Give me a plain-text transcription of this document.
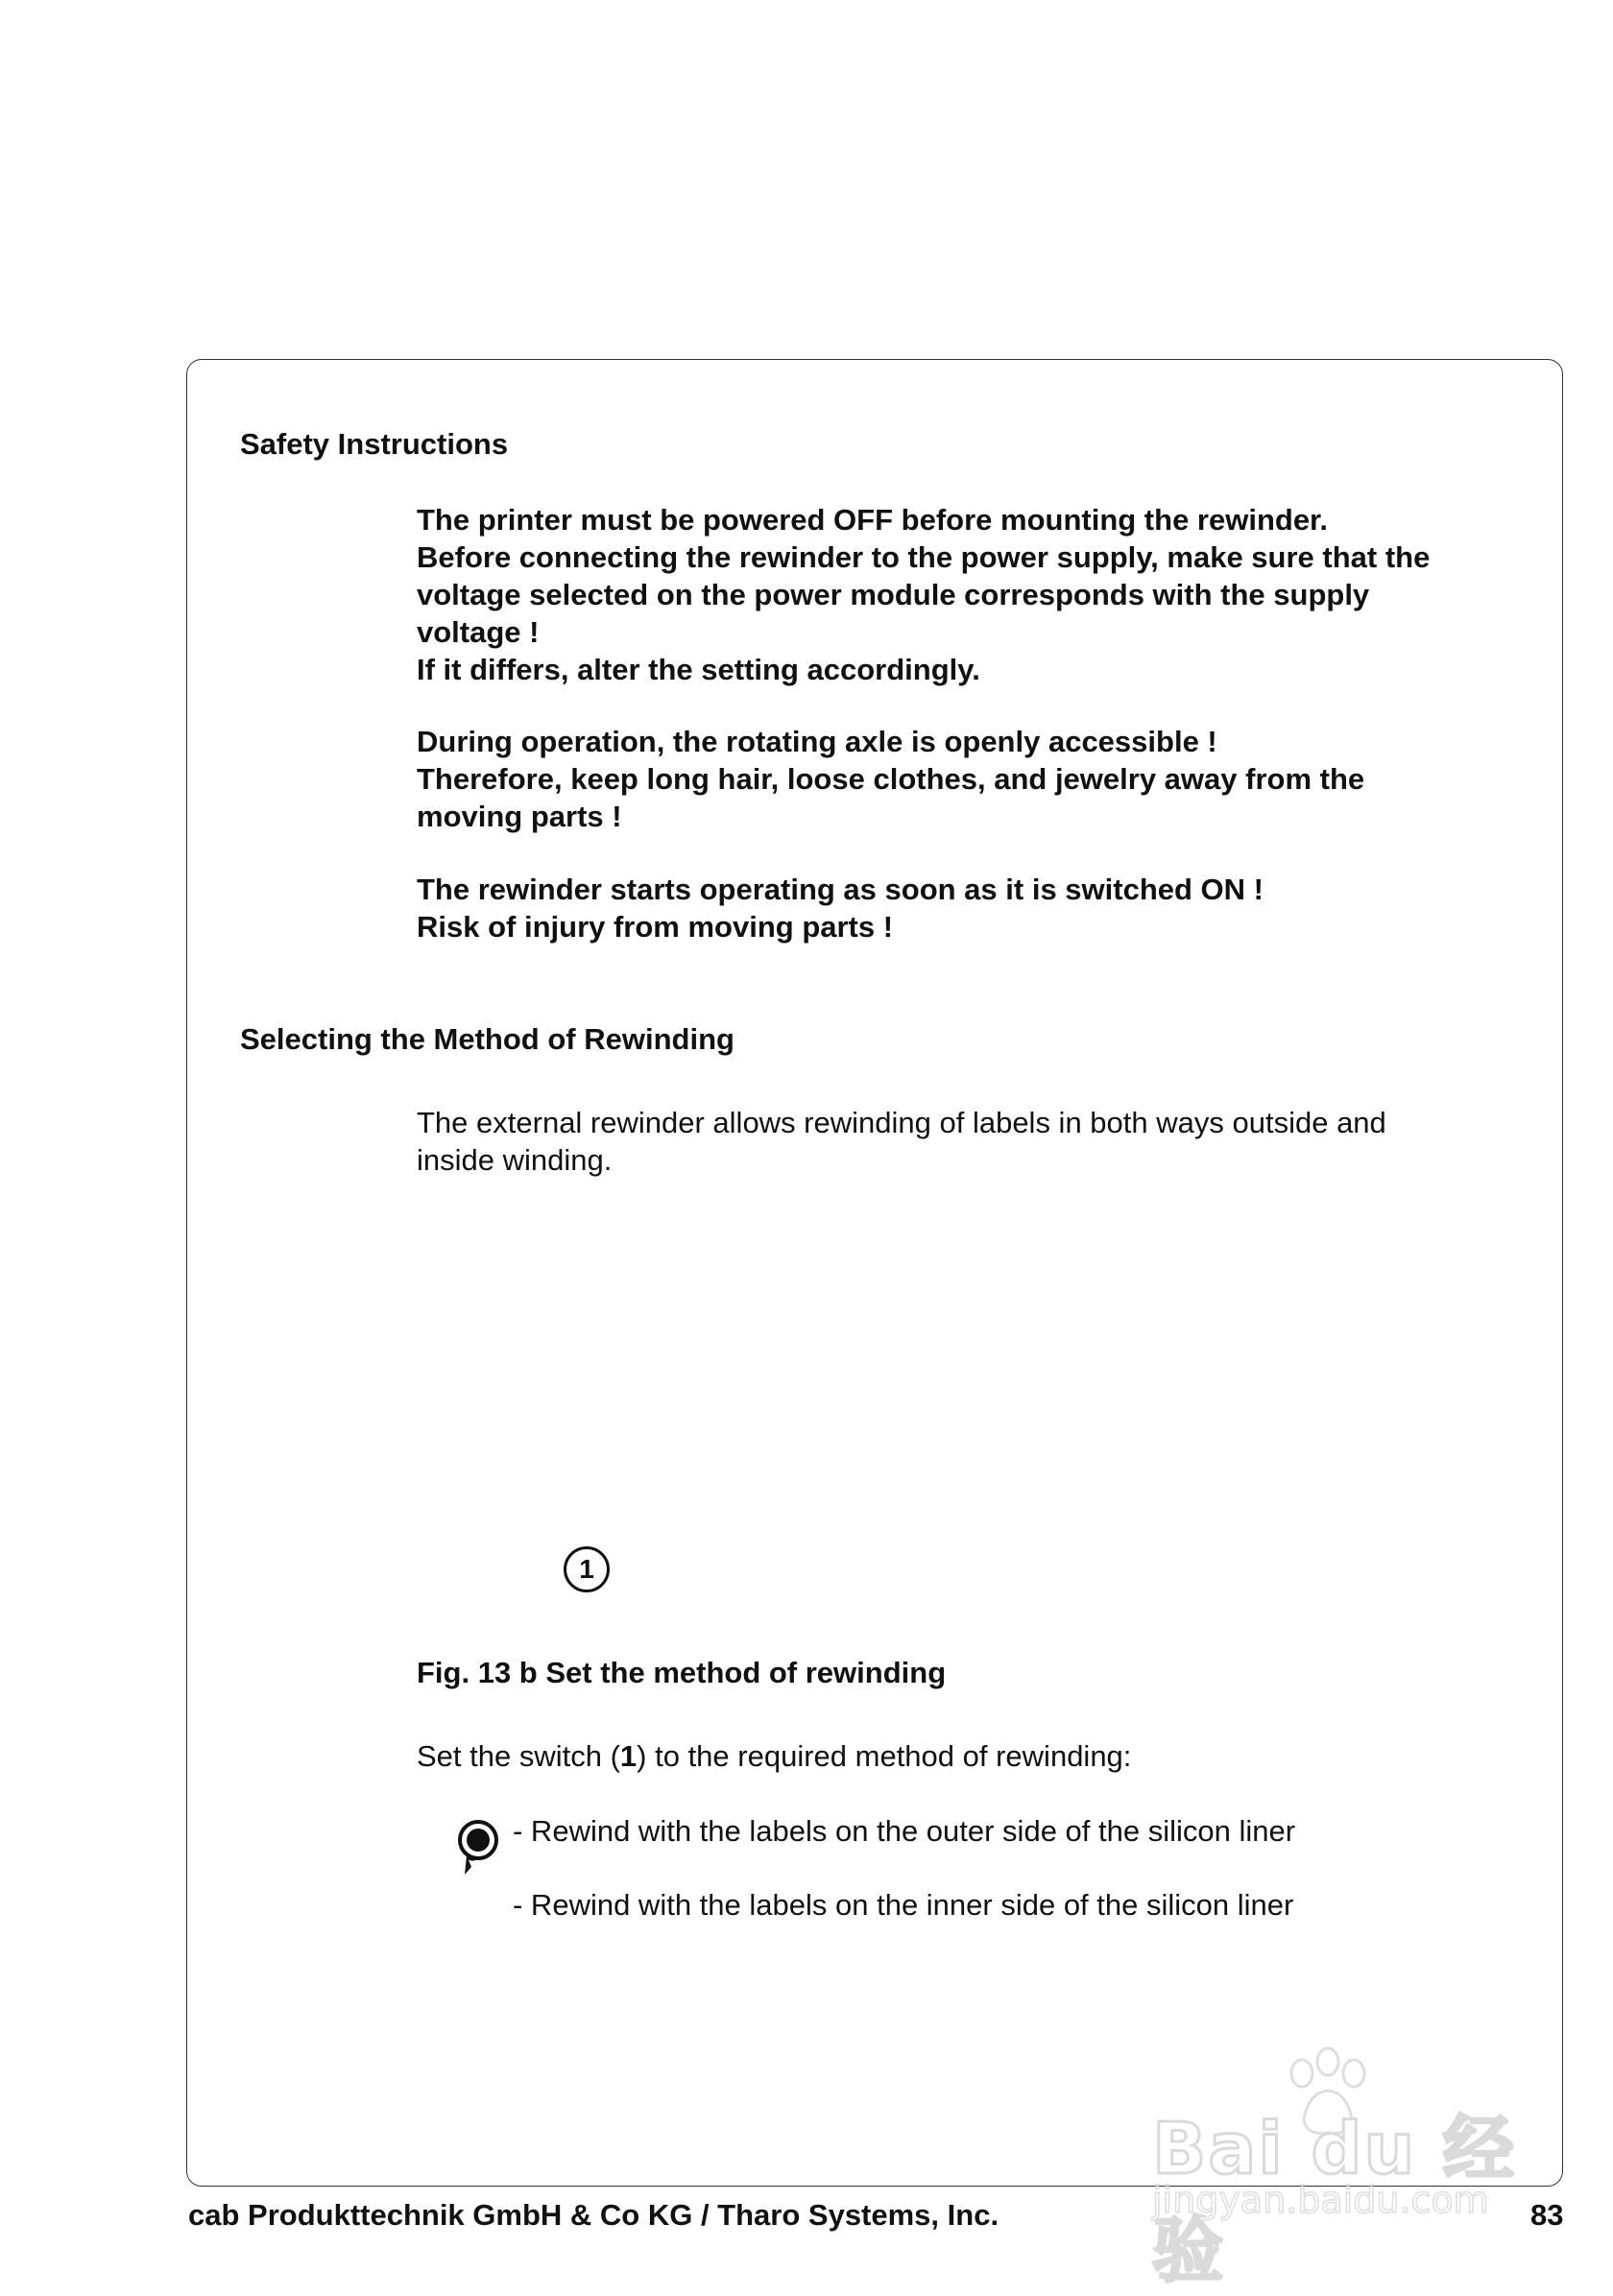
Safety Instructions
The printer must be powered OFF before mounting the rewinder.
Before connecting the rewinder to the power supply, make sure that the
voltage selected on the power module corresponds with the supply
voltage !
If it differs, alter the setting accordingly.
During operation, the rotating axle is openly accessible !
Therefore, keep long hair, loose clothes, and jewelry away from the
moving parts !
The rewinder starts operating as soon as it is switched ON !
Risk of injury from moving parts !
Selecting the Method of Rewinding
The external rewinder allows rewinding of labels in both ways outside and
inside winding.
1

Fig. 13 b Set the method of rewinding

Set the switch (1) to the required method of rewinding:

- Rewind with the labels on the outer side of the silicon liner

- Rewind with the labels on the inner side of the silicon liner

cab Produkttechnik GmbH & Co KG / Tharo Systems, Inc.	83

Bai du 经验
jingyan.baidu.com
